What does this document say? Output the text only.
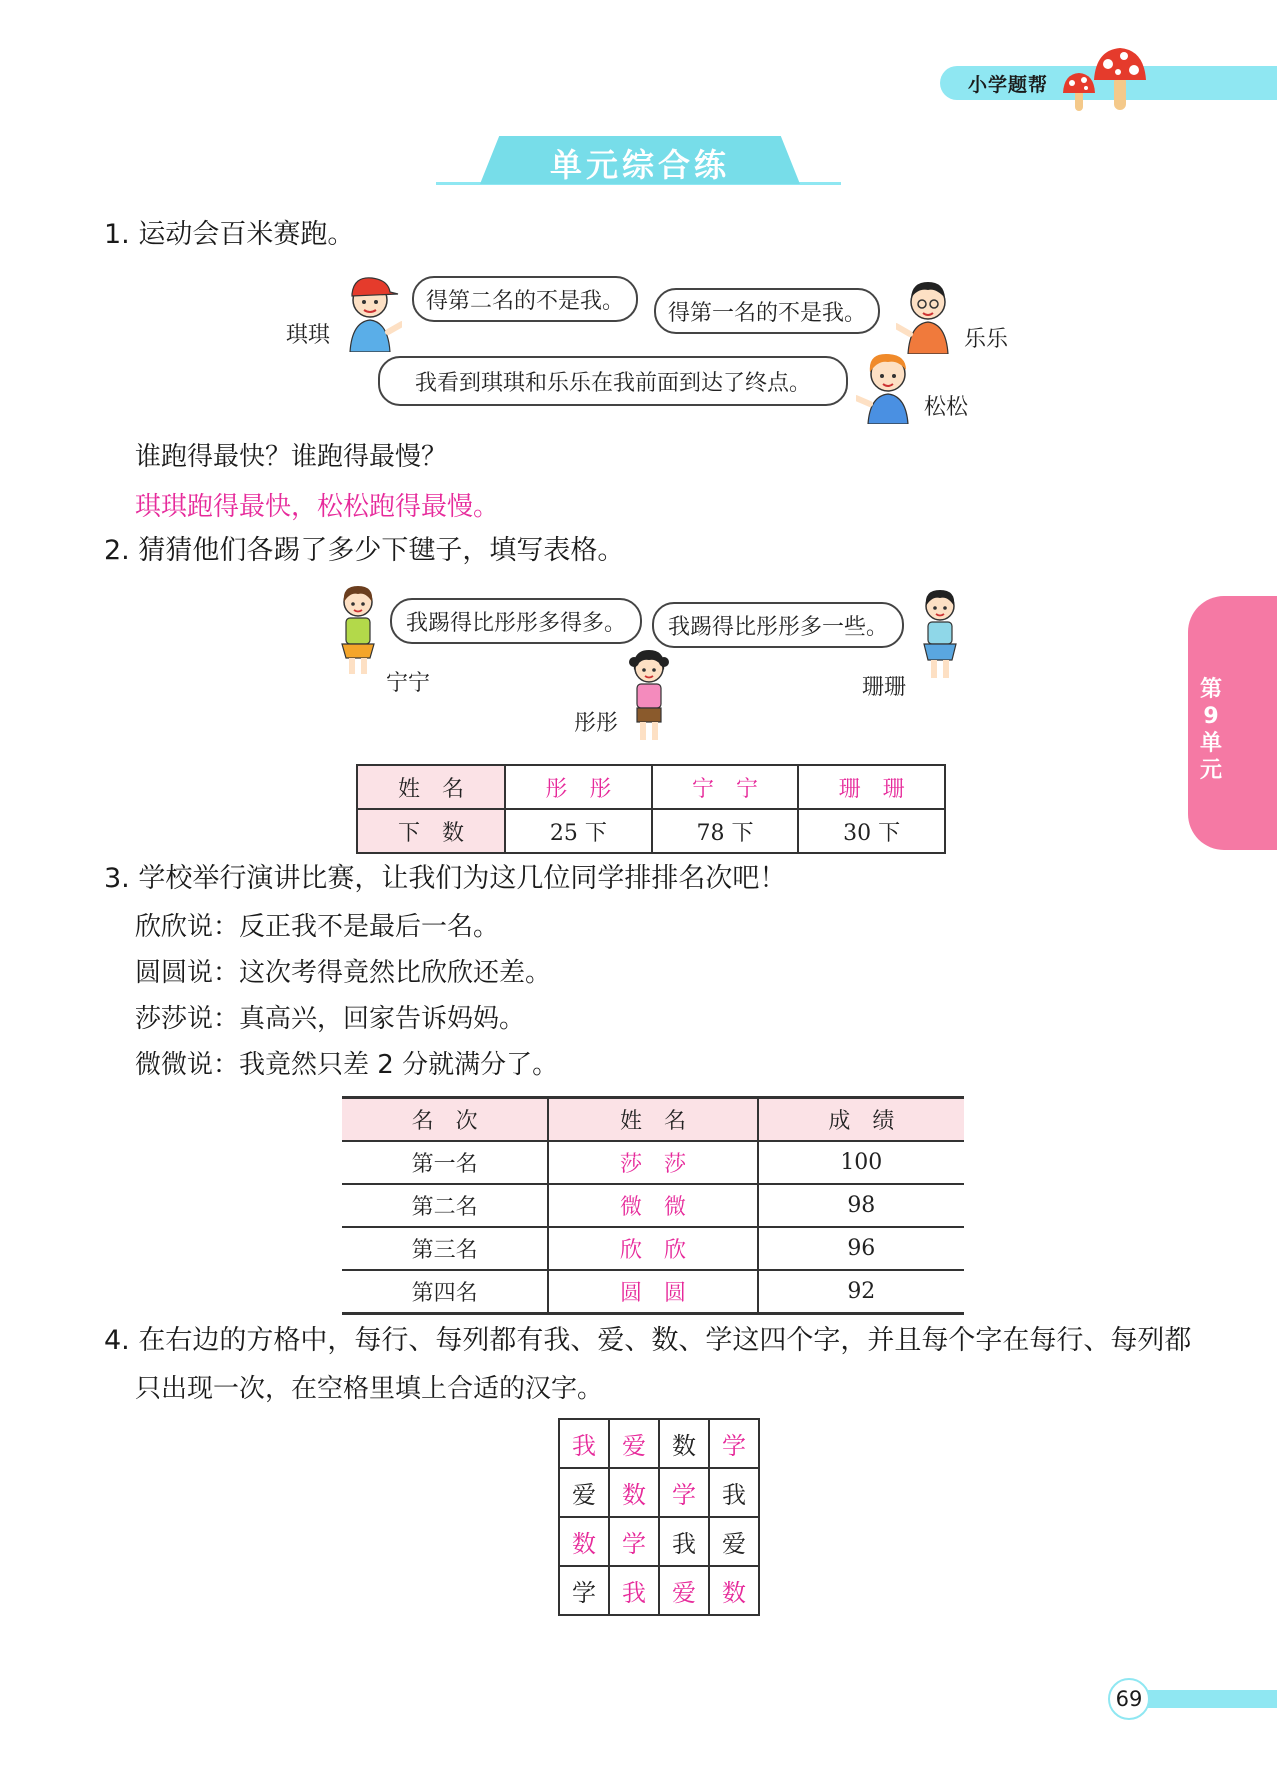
小学题帮
单元综合练
第9单元
1. 运动会百米赛跑。
琪琪
得第二名的不是我。	得第一名的不是我。
乐乐
我看到琪琪和乐乐在我前面到达了终点。
松松
谁跑得最快？谁跑得最慢？
琪琪跑得最快，松松跑得最慢。
2. 猜猜他们各踢了多少下毽子，填写表格。
宁宁
我踢得比彤彤多得多。	我踢得比彤彤多一些。
珊珊
彤彤
姓　名	彤　彤	宁　宁	珊　珊
下　数	25 下	78 下	30 下
3. 学校举行演讲比赛，让我们为这几位同学排排名次吧！
欣欣说：反正我不是最后一名。
圆圆说：这次考得竟然比欣欣还差。
莎莎说：真高兴，回家告诉妈妈。
微微说：我竟然只差 2 分就满分了。
名　次	姓　名	成　绩
第一名	莎　莎	100
第二名	微　微	98
第三名	欣　欣	96
第四名	圆　圆	92
4. 在右边的方格中，每行、每列都有我、爱、数、学这四个字，并且每个字在每行、每列都
只出现一次，在空格里填上合适的汉字。
我	爱	数	学
爱	数	学	我
数	学	我	爱
学	我	爱	数
69
